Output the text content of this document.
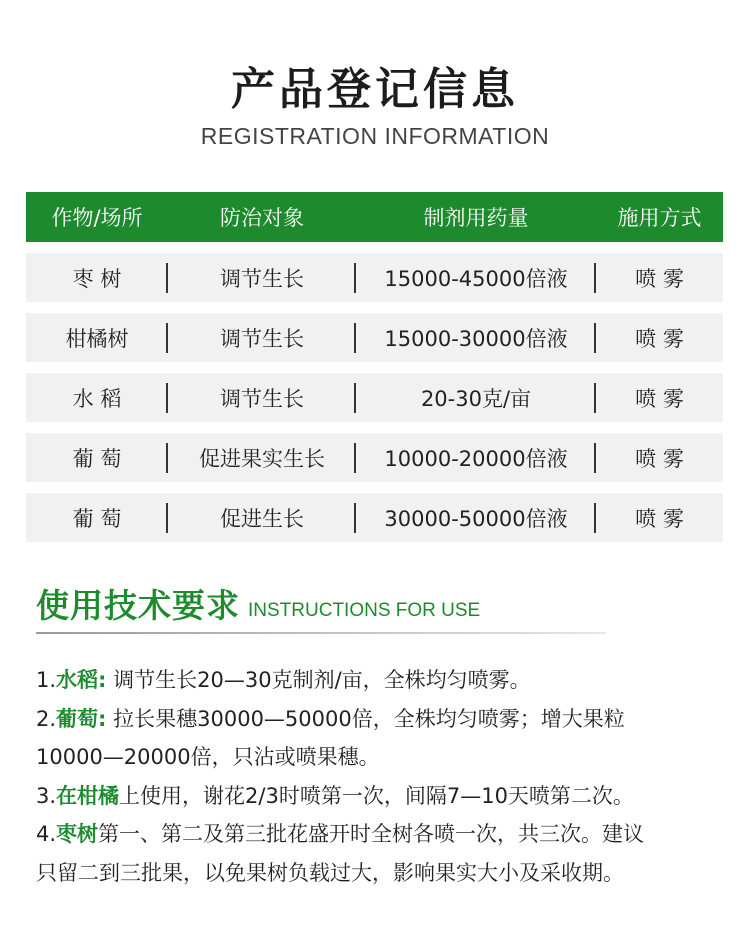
产品登记信息
REGISTRATION INFORMATION
作物/场所	防治对象	制剂用药量	施用方式
枣 树	调节生长	15000-45000倍液	喷 雾
柑橘树	调节生长	15000-30000倍液	喷 雾
水 稻	调节生长	20-30克/亩	喷 雾
葡 萄	促进果实生长	10000-20000倍液	喷 雾
葡 萄	促进生长	30000-50000倍液	喷 雾
使用技术要求 INSTRUCTIONS FOR USE

1.水稻: 调节生长20—30克制剂/亩，全株均匀喷雾。

2.葡萄: 拉长果穗30000—50000倍，全株均匀喷雾；增大果粒

10000—20000倍，只沾或喷果穗。

3.在柑橘上使用，谢花2/3时喷第一次，间隔7—10天喷第二次。

4.枣树第一、第二及第三批花盛开时全树各喷一次，共三次。建议

只留二到三批果，以免果树负载过大，影响果实大小及采收期。
